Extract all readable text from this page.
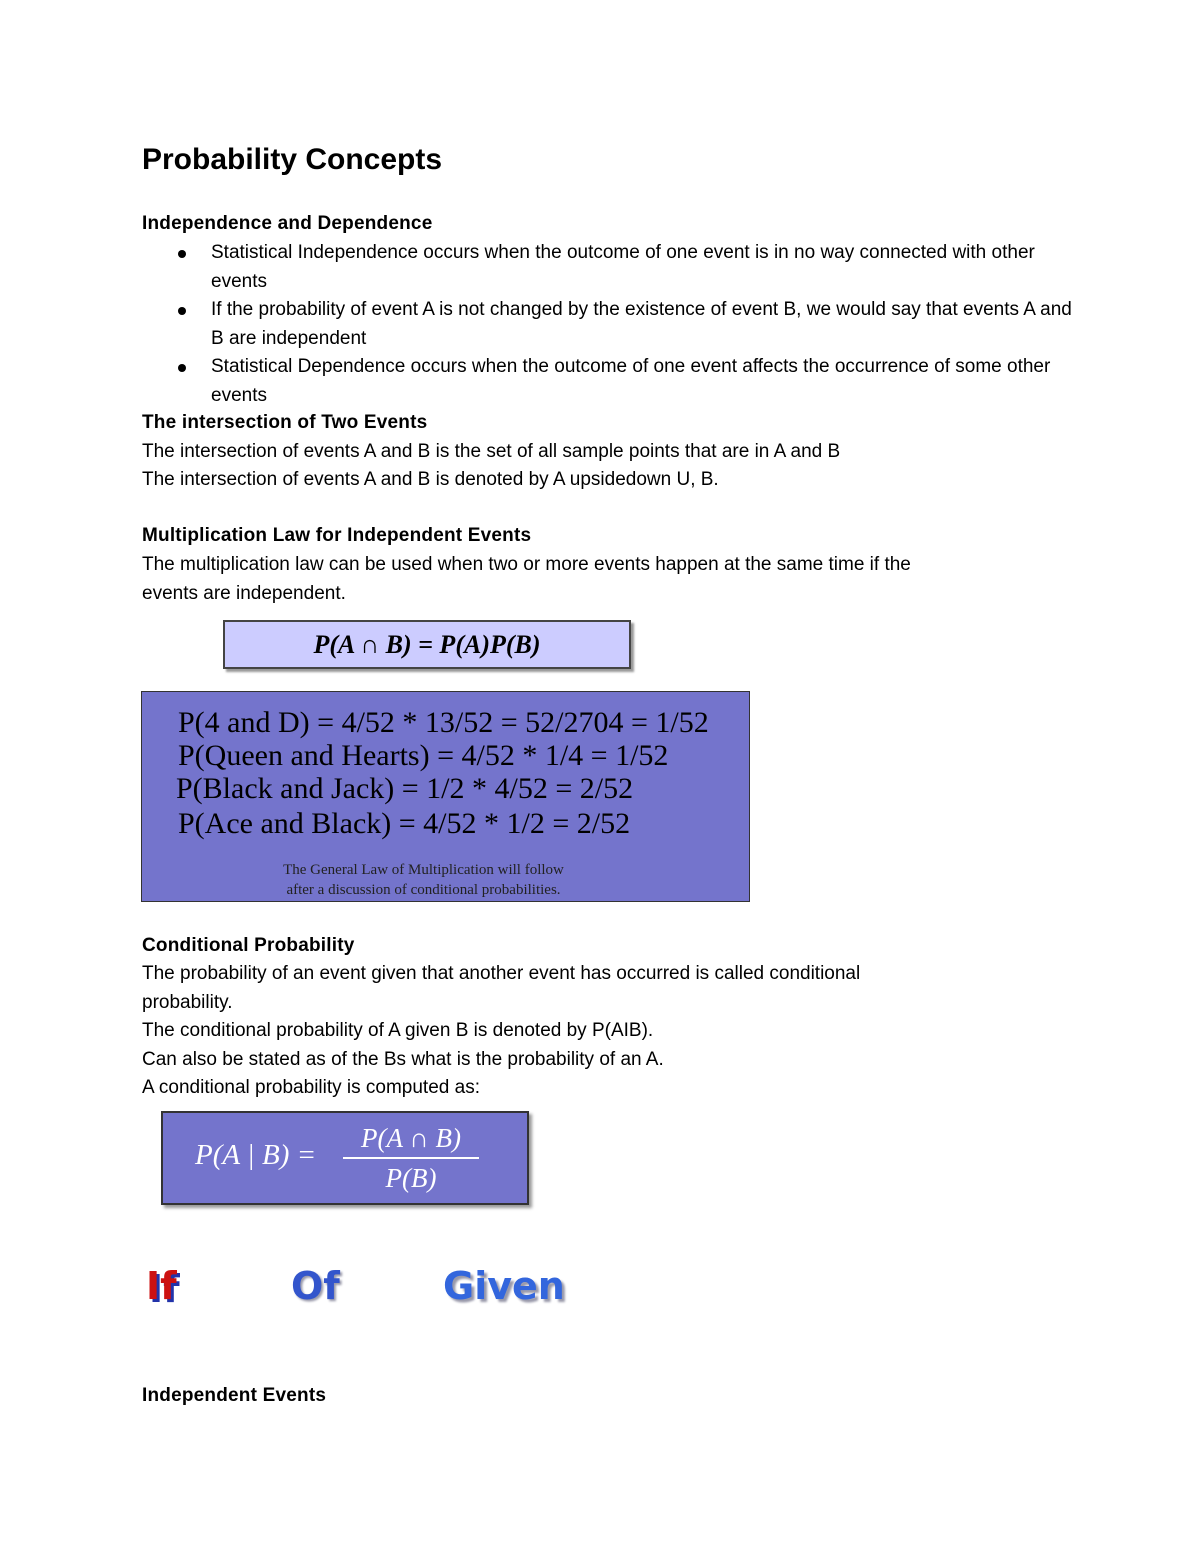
Probability Concepts
Independence and Dependence
Statistical Independence occurs when the outcome of one event is in no way connected with other events
If the probability of event A is not changed by the existence of event B, we would say that events A and B are independent
Statistical Dependence occurs when the outcome of one event affects the occurrence of some other events
The intersection of Two Events
The intersection of events A and B is the set of all sample points that are in A and B
The intersection of events A and B is denoted by A upsidedown U, B.
Multiplication Law for Independent Events
The multiplication law can be used when two or more events happen at the same time if the
events are independent.
P(A ∩ B) = P(A)P(B)
P(4 and D) = 4/52 * 13/52 = 52/2704 = 1/52
P(Queen and Hearts) = 4/52 * 1/4 = 1/52
P(Black and Jack) = 1/2 * 4/52 = 2/52
P(Ace and Black) = 4/52 * 1/2 = 2/52
The General Law of Multiplication will follow
after a discussion of conditional probabilities.
Conditional Probability
The probability of an event given that another event has occurred is called conditional
probability.
The conditional probability of A given B is denoted by P(AIB).
Can also be stated as of the Bs what is the probability of an A.
A conditional probability is computed as:
P(A | B) =
P(A ∩ B)
P(B)
If	Of	Given
Independent Events
